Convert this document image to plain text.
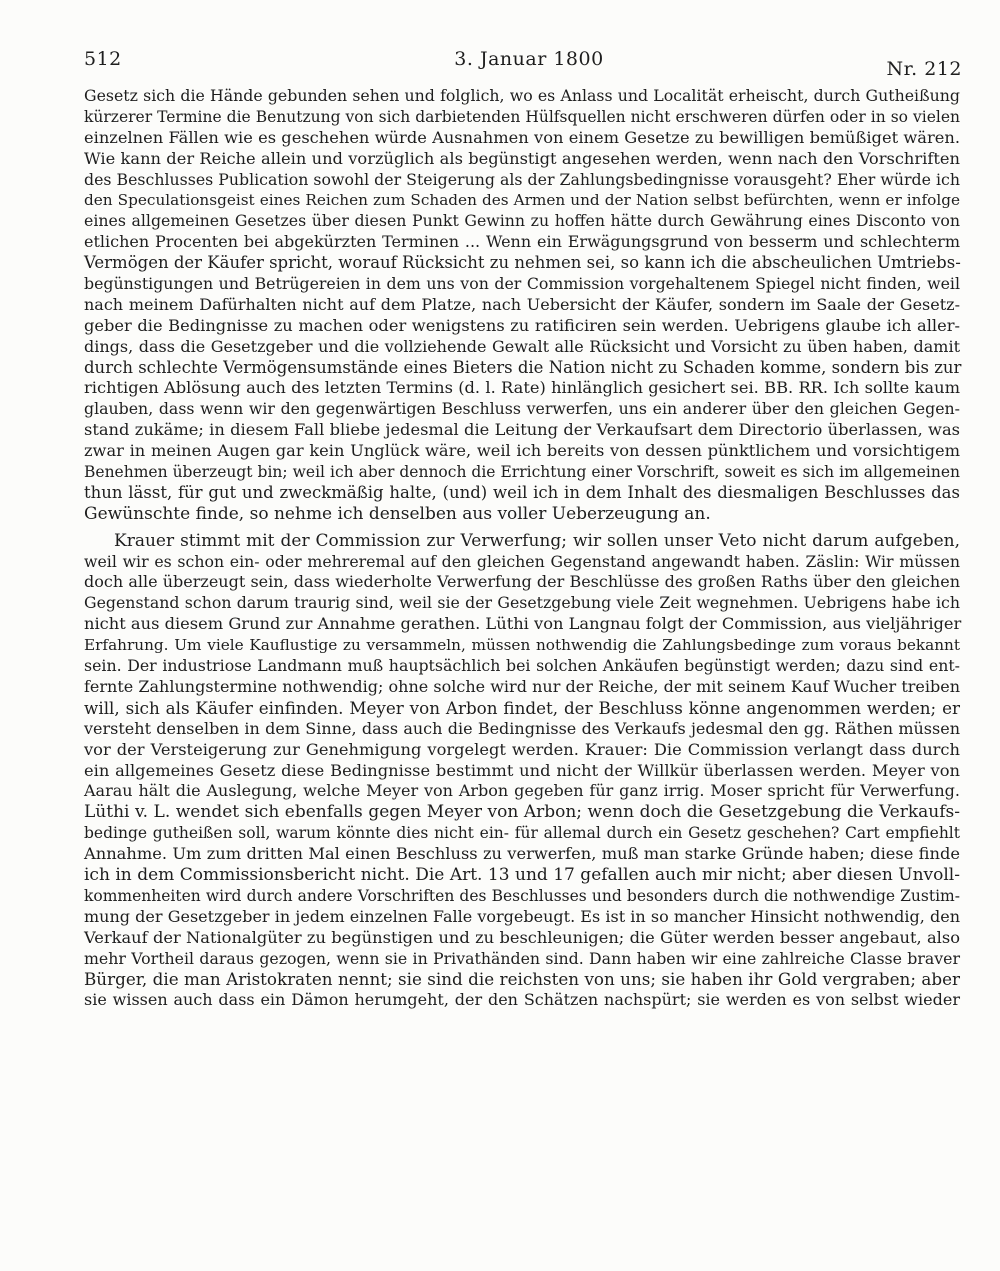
512	3. Januar 1800	Nr. 212
Gesetz sich die Hände gebunden sehen und folglich, wo es Anlass und Localität erheischt, durch Gutheißung
kürzerer Termine die Benutzung von sich darbietenden Hülfsquellen nicht erschweren dürfen oder in so vielen
einzelnen Fällen wie es geschehen würde Ausnahmen von einem Gesetze zu bewilligen bemüßiget wären.
Wie kann der Reiche allein und vorzüglich als begünstigt angesehen werden, wenn nach den Vorschriften
des Beschlusses Publication sowohl der Steigerung als der Zahlungsbedingnisse vorausgeht? Eher würde ich
den Speculationsgeist eines Reichen zum Schaden des Armen und der Nation selbst befürchten, wenn er infolge
eines allgemeinen Gesetzes über diesen Punkt Gewinn zu hoffen hätte durch Gewährung eines Disconto von
etlichen Procenten bei abgekürzten Terminen ... Wenn ein Erwägungsgrund von besserm und schlechterm
Vermögen der Käufer spricht, worauf Rücksicht zu nehmen sei, so kann ich die abscheulichen Umtriebs-
begünstigungen und Betrügereien in dem uns von der Commission vorgehaltenem Spiegel nicht finden, weil
nach meinem Dafürhalten nicht auf dem Platze, nach Uebersicht der Käufer, sondern im Saale der Gesetz-
geber die Bedingnisse zu machen oder wenigstens zu ratificiren sein werden. Uebrigens glaube ich aller-
dings, dass die Gesetzgeber und die vollziehende Gewalt alle Rücksicht und Vorsicht zu üben haben, damit
durch schlechte Vermögensumstände eines Bieters die Nation nicht zu Schaden komme, sondern bis zur
richtigen Ablösung auch des letzten Termins (d. l. Rate) hinlänglich gesichert sei. BB. RR. Ich sollte kaum
glauben, dass wenn wir den gegenwärtigen Beschluss verwerfen, uns ein anderer über den gleichen Gegen-
stand zukäme; in diesem Fall bliebe jedesmal die Leitung der Verkaufsart dem Directorio überlassen, was
zwar in meinen Augen gar kein Unglück wäre, weil ich bereits von dessen pünktlichem und vorsichtigem
Benehmen überzeugt bin; weil ich aber dennoch die Errichtung einer Vorschrift, soweit es sich im allgemeinen
thun lässt, für gut und zweckmäßig halte, (und) weil ich in dem Inhalt des diesmaligen Beschlusses das
Gewünschte finde, so nehme ich denselben aus voller Ueberzeugung an.
Krauer stimmt mit der Commission zur Verwerfung; wir sollen unser Veto nicht darum aufgeben,
weil wir es schon ein- oder mehreremal auf den gleichen Gegenstand angewandt haben. Zäslin: Wir müssen
doch alle überzeugt sein, dass wiederholte Verwerfung der Beschlüsse des großen Raths über den gleichen
Gegenstand schon darum traurig sind, weil sie der Gesetzgebung viele Zeit wegnehmen. Uebrigens habe ich
nicht aus diesem Grund zur Annahme gerathen. Lüthi von Langnau folgt der Commission, aus vieljähriger
Erfahrung. Um viele Kauflustige zu versammeln, müssen nothwendig die Zahlungsbedinge zum voraus bekannt
sein. Der industriose Landmann muß hauptsächlich bei solchen Ankäufen begünstigt werden; dazu sind ent-
fernte Zahlungstermine nothwendig; ohne solche wird nur der Reiche, der mit seinem Kauf Wucher treiben
will, sich als Käufer einfinden. Meyer von Arbon findet, der Beschluss könne angenommen werden; er
versteht denselben in dem Sinne, dass auch die Bedingnisse des Verkaufs jedesmal den gg. Räthen müssen
vor der Versteigerung zur Genehmigung vorgelegt werden. Krauer: Die Commission verlangt dass durch
ein allgemeines Gesetz diese Bedingnisse bestimmt und nicht der Willkür überlassen werden. Meyer von
Aarau hält die Auslegung, welche Meyer von Arbon gegeben für ganz irrig. Moser spricht für Verwerfung.
Lüthi v. L. wendet sich ebenfalls gegen Meyer von Arbon; wenn doch die Gesetzgebung die Verkaufs-
bedinge gutheißen soll, warum könnte dies nicht ein- für allemal durch ein Gesetz geschehen? Cart empfiehlt
Annahme. Um zum dritten Mal einen Beschluss zu verwerfen, muß man starke Gründe haben; diese finde
ich in dem Commissionsbericht nicht. Die Art. 13 und 17 gefallen auch mir nicht; aber diesen Unvoll-
kommenheiten wird durch andere Vorschriften des Beschlusses und besonders durch die nothwendige Zustim-
mung der Gesetzgeber in jedem einzelnen Falle vorgebeugt. Es ist in so mancher Hinsicht nothwendig, den
Verkauf der Nationalgüter zu begünstigen und zu beschleunigen; die Güter werden besser angebaut, also
mehr Vortheil daraus gezogen, wenn sie in Privathänden sind. Dann haben wir eine zahlreiche Classe braver
Bürger, die man Aristokraten nennt; sie sind die reichsten von uns; sie haben ihr Gold vergraben; aber
sie wissen auch dass ein Dämon herumgeht, der den Schätzen nachspürt; sie werden es von selbst wieder
